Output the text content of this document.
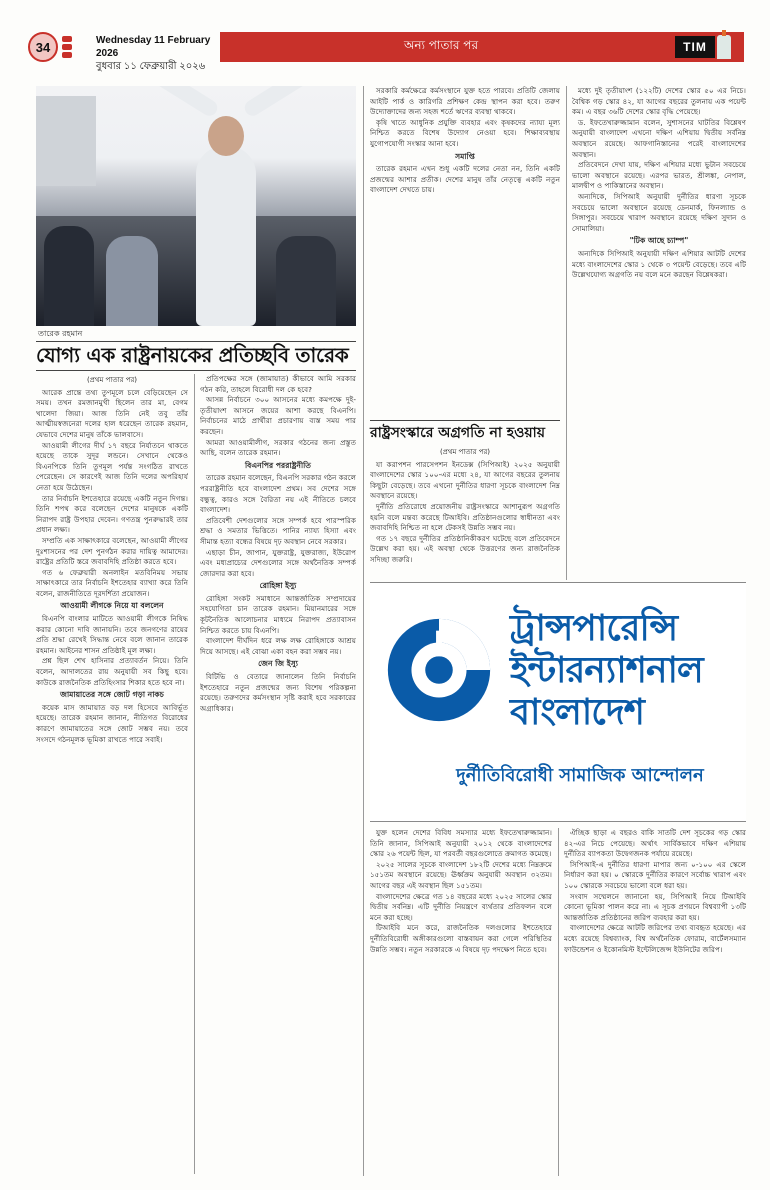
34	Wednesday 11 February 2026
বুধবার ১১ ফেব্রুয়ারী ২০২৬
অন্য পাতার পর	TIM
তারেক রহমান
যোগ্য এক রাষ্ট্রনায়কের প্রতিচ্ছবি তারেক

(প্রথম পাতার পর)

আরেক প্রান্তে তথ্য তুণমূলে চলে বেড়িয়েছেন সে সময়। তখন রমজানমুখী ছিলেন তার মা, বেগম খালেদা জিয়া। আজ তিনি নেই তবু তাঁর আত্মীয়স্বজনেরা দলের হাল ধরেছেন তারেক রহমান, যেভাবে দেশের মানুষ তাঁকে ভালবাসে।

আওয়ামী লীগের দীর্ঘ ১৭ বছরে নির্যাতনে থাকতে হয়েছে তাকে সুদূর লন্ডনে। সেখানে থেকেও বিএনপিকে তিনি তুণমূল পর্যন্ত সংগঠিত রাখতে পেরেছেন। সে কারণেই আজ তিনি দলের অপরিহার্য নেতা হয়ে উঠেছেন।

তার নির্বাচনি ইশতেহারে রয়েছে একটি নতুন দিগন্ত। তিনি শপথ করে বলেছেন দেশের মানুষকে একটি নিরাপদ রাষ্ট্র উপহার দেবেন। গণতন্ত্র পুনরুদ্ধারই তার প্রধান লক্ষ্য।

সম্প্রতি এক সাক্ষাৎকারে বলেছেন, আওয়ামী লীগের দুঃশাসনের পর দেশ পুনর্গঠন করার দায়িত্ব আমাদের। রাষ্ট্রের প্রতিটি স্তরে জবাবদিহি প্রতিষ্ঠা করতে হবে।

গত ৬ ফেব্রুয়ারী অনলাইন মতবিনিময় সভায় সাক্ষাৎকারে তার নির্বাচনি ইশতেহার ব্যাখ্যা করে তিনি বলেন, রাজনীতিতে দূরদর্শিতা প্রয়োজন।

আওয়ামী লীগকে নিয়ে যা বললেন

বিএনপি বাংলার মাটিতে আওয়ামী লীগকে নিষিদ্ধ করার কোনো দাবি জানায়নি। তবে জনগণের রায়ের প্রতি শ্রদ্ধা রেখেই সিদ্ধান্ত নেবে বলে জানান তারেক রহমান। আইনের শাসন প্রতিষ্ঠাই মূল লক্ষ্য।

প্রশ্ন ছিল শেখ হাসিনার প্রত্যাবর্তন নিয়ে। তিনি বলেন, আদালতের রায় অনুযায়ী সব কিছু হবে। কাউকে রাজনৈতিক প্রতিহিংসার শিকার হতে হবে না।

জামায়াতের সঙ্গে জোট গড়া নাকচ

কয়েক মাস জামায়াত বড় দল হিসেবে আবির্ভূত হয়েছে। তারেক রহমান জানান, নীতিগত বিরোধের কারণে জামায়াতের সঙ্গে জোট সম্ভব নয়। তবে সংসদে গঠনমূলক ভূমিকা রাখতে পারে সবাই।

প্রতিপক্ষের সঙ্গে (জামায়াত) কীভাবে আমি সরকার গঠন করি, তাহলে বিরোধী দল কে হবে?

আসন্ন নির্বাচনে ৩০০ আসনের মধ্যে কমপক্ষে দুই-তৃতীয়াংশ আসনে জয়ের আশা করছে বিএনপি। নির্বাচনের মাঠে প্রার্থীরা প্রচারণায় ব্যস্ত সময় পার করছেন।

আমরা আওয়ামীলীগ, সরকার গঠনের জন্য প্রস্তুত আছি, বলেন তারেক রহমান।

বিএনপির পররাষ্ট্রনীতি

তারেক রহমান বলেছেন, বিএনপি সরকার গঠন করলে পররাষ্ট্রনীতি হবে বাংলাদেশ প্রথম। সব দেশের সঙ্গে বন্ধুত্ব, কারও সঙ্গে বৈরিতা নয় এই নীতিতে চলবে বাংলাদেশ।

প্রতিবেশী দেশগুলোর সঙ্গে সম্পর্ক হবে পারস্পরিক শ্রদ্ধা ও সমতার ভিত্তিতে। পানির ন্যায্য হিস্যা এবং সীমান্ত হত্যা বন্ধের বিষয়ে দৃঢ় অবস্থান নেবে সরকার।

এছাড়া চীন, জাপান, যুক্তরাষ্ট্র, যুক্তরাজ্য, ইউরোপ এবং মধ্যপ্রাচ্যের দেশগুলোর সঙ্গে অর্থনৈতিক সম্পর্ক জোরদার করা হবে।

রোহিঙ্গা ইস্যু

রোহিঙ্গা সংকট সমাধানে আন্তর্জাতিক সম্প্রদায়ের সহযোগিতা চান তারেক রহমান। মিয়ানমারের সঙ্গে কূটনৈতিক আলোচনার মাধ্যমে নিরাপদ প্রত্যাবাসন নিশ্চিত করতে চায় বিএনপি।

বাংলাদেশ দীর্ঘদিন ধরে লক্ষ লক্ষ রোহিঙ্গাকে আশ্রয় দিয়ে আসছে। এই বোঝা একা বহন করা সম্ভব নয়।

জেন জি ইস্যু

বিটিভি ও বেতারে জানালেন তিনি নির্বাচনি ইশতেহারে নতুন প্রজন্মের জন্য বিশেষ পরিকল্পনা রয়েছে। তরুণদের কর্মসংস্থান সৃষ্টি করাই হবে সরকারের অগ্রাধিকার।

সরকারি কর্মক্ষেত্রে কর্মসংস্থানে যুক্ত হতে পারবে। প্রতিটি জেলায় আইটি পার্ক ও কারিগরি প্রশিক্ষণ কেন্দ্র স্থাপন করা হবে। তরুণ উদ্যোক্তাদের জন্য সহজ শর্তে ঋণের ব্যবস্থা থাকবে।

কৃষি খাতে আধুনিক প্রযুক্তি ব্যবহার এবং কৃষকদের ন্যায্য মূল্য নিশ্চিত করতে বিশেষ উদ্যোগ নেওয়া হবে। শিক্ষাব্যবস্থায় যুগোপযোগী সংস্কার আনা হবে।

সমাপ্তি

তারেক রহমান এখন শুধু একটি দলের নেতা নন, তিনি একটি প্রজন্মের আশার প্রতীক। দেশের মানুষ তাঁর নেতৃত্বে একটি নতুন বাংলাদেশ দেখতে চায়।

রাষ্ট্রসংস্কারে অগ্রগতি না হওয়ায়

(প্রথম পাতার পর)

যা করাপশন পারসেপশন ইনডেক্স (সিপিআই) ২০২৫ অনুযায়ী বাংলাদেশের স্কোর ১০০-এর মধ্যে ২৪, যা আগের বছরের তুলনায় কিছুটা বেড়েছে। তবে এখনো দুর্নীতির ধারণা সূচকে বাংলাদেশ নিম্ন অবস্থানে রয়েছে।

দুর্নীতি প্রতিরোধে প্রয়োজনীয় রাষ্ট্রসংস্কারে আশানুরূপ অগ্রগতি হয়নি বলে মন্তব্য করেছে টিআইবি। প্রতিষ্ঠানগুলোর স্বাধীনতা এবং জবাবদিহি নিশ্চিত না হলে টেকসই উন্নতি সম্ভব নয়।

গত ১৭ বছরে দুর্নীতির প্রতিষ্ঠানিকীকরণ ঘটেছে বলে প্রতিবেদনে উল্লেখ করা হয়। এই অবস্থা থেকে উত্তরণের জন্য রাজনৈতিক সদিচ্ছা জরুরি।

মধ্যে দুই তৃতীয়াংশ (১২২টি) দেশের স্কোর ৫০ এর নিচে। বৈশ্বিক গড় স্কোর ৪২, যা আগের বছরের তুলনায় এক পয়েন্ট কম। এ বছর ৩৬টি দেশের স্কোর বৃদ্ধি পেয়েছে।

ড. ইফতেখারুজ্জামান বলেন, সুশাসনের ঘাটতির বিশ্লেষণ অনুযায়ী বাংলাদেশ এখনো দক্ষিণ এশিয়ায় দ্বিতীয় সর্বনিম্ন অবস্থানে রয়েছে। আফগানিস্তানের পরেই বাংলাদেশের অবস্থান।

প্রতিবেদনে দেখা যায়, দক্ষিণ এশিয়ার মধ্যে ভুটান সবচেয়ে ভালো অবস্থানে রয়েছে। এরপর ভারত, শ্রীলঙ্কা, নেপাল, মালদ্বীপ ও পাকিস্তানের অবস্থান।

অন্যদিকে, সিপিআই অনুযায়ী দুর্নীতির ধারণা সূচকে সবচেয়ে ভালো অবস্থানে রয়েছে ডেনমার্ক, ফিনল্যান্ড ও সিঙ্গাপুর। সবচেয়ে খারাপ অবস্থানে রয়েছে দক্ষিণ সুদান ও সোমালিয়া।

"টিক আছে চ্যাম্প"

অন্যদিকে সিপিআই অনুযায়ী দক্ষিণ এশিয়ার আটটি দেশের মধ্যে বাংলাদেশের স্কোর ১ থেকে ৩ পয়েন্ট বেড়েছে। তবে এটি উল্লেখযোগ্য অগ্রগতি নয় বলে মনে করছেন বিশ্লেষকরা।

ট্রান্সপারেন্সি
ইন্টারন্যাশনাল
বাংলাদেশ
দুর্নীতিবিরোধী সামাজিক আন্দোলন

যুক্ত হলেন দেশের বিবিধ সমস্যার মধ্যে ইফতেখারুজ্জামান। তিনি জানান, সিপিআই অনুযায়ী ২০১২ থেকে বাংলাদেশের স্কোর ২৬ পয়েন্ট ছিল, যা পরবর্তী বছরগুলোতে ক্রমাগত কমেছে।

২০২৫ সালের সূচকে বাংলাদেশ ১৮২টি দেশের মধ্যে নিম্নক্রমে ১৫১তম অবস্থানে রয়েছে। ঊর্ধ্বক্রম অনুযায়ী অবস্থান ৩২তম। আগের বছর এই অবস্থান ছিল ১৫১তম।

বাংলাদেশের ক্ষেত্রে গত ১৪ বছরের মধ্যে ২০২৫ সালের স্কোর দ্বিতীয় সর্বনিম্ন। এটি দুর্নীতি নিয়ন্ত্রণে ব্যর্থতার প্রতিফলন বলে মনে করা হচ্ছে।

টিআইবি মনে করে, রাজনৈতিক দলগুলোর ইশতেহারে দুর্নীতিবিরোধী অঙ্গীকারগুলো বাস্তবায়ন করা গেলে পরিস্থিতির উন্নতি সম্ভব। নতুন সরকারকে এ বিষয়ে দৃঢ় পদক্ষেপ নিতে হবে।

ঐচ্ছিক ছাড়া এ বছরও বাকি সাতটি দেশ সূচকের গড় স্কোর ৪২-এর নিচে পেয়েছে। অর্থাৎ সার্বিকভাবে দক্ষিণ এশিয়ায় দুর্নীতির ব্যাপকতা উদ্বেগজনক পর্যায়ে রয়েছে।

সিপিআই-এ দুর্নীতির ধারণা মাপার জন্য ০-১০০ এর স্কেলে নির্ধারণ করা হয়। ০ স্কোরকে দুর্নীতির কারণে সর্বোচ্চ খারাপ এবং ১০০ স্কোরকে সবচেয়ে ভালো বলে ধরা হয়।

সংবাদ সম্মেলনে জানানো হয়, সিপিআই নিয়ে টিআইবি কোনো ভূমিকা পালন করে না। এ সূচক প্রণয়নে বিশ্বব্যাপী ১৩টি আন্তর্জাতিক প্রতিষ্ঠানের জরিপ ব্যবহার করা হয়।

বাংলাদেশের ক্ষেত্রে আটটি জরিপের তথ্য ব্যবহৃত হয়েছে। এর মধ্যে রয়েছে বিশ্বব্যাংক, বিশ্ব অর্থনৈতিক ফোরাম, বার্টেলসম্যান ফাউন্ডেশন ও ইকোনমিস্ট ইন্টেলিজেন্স ইউনিটের জরিপ।
